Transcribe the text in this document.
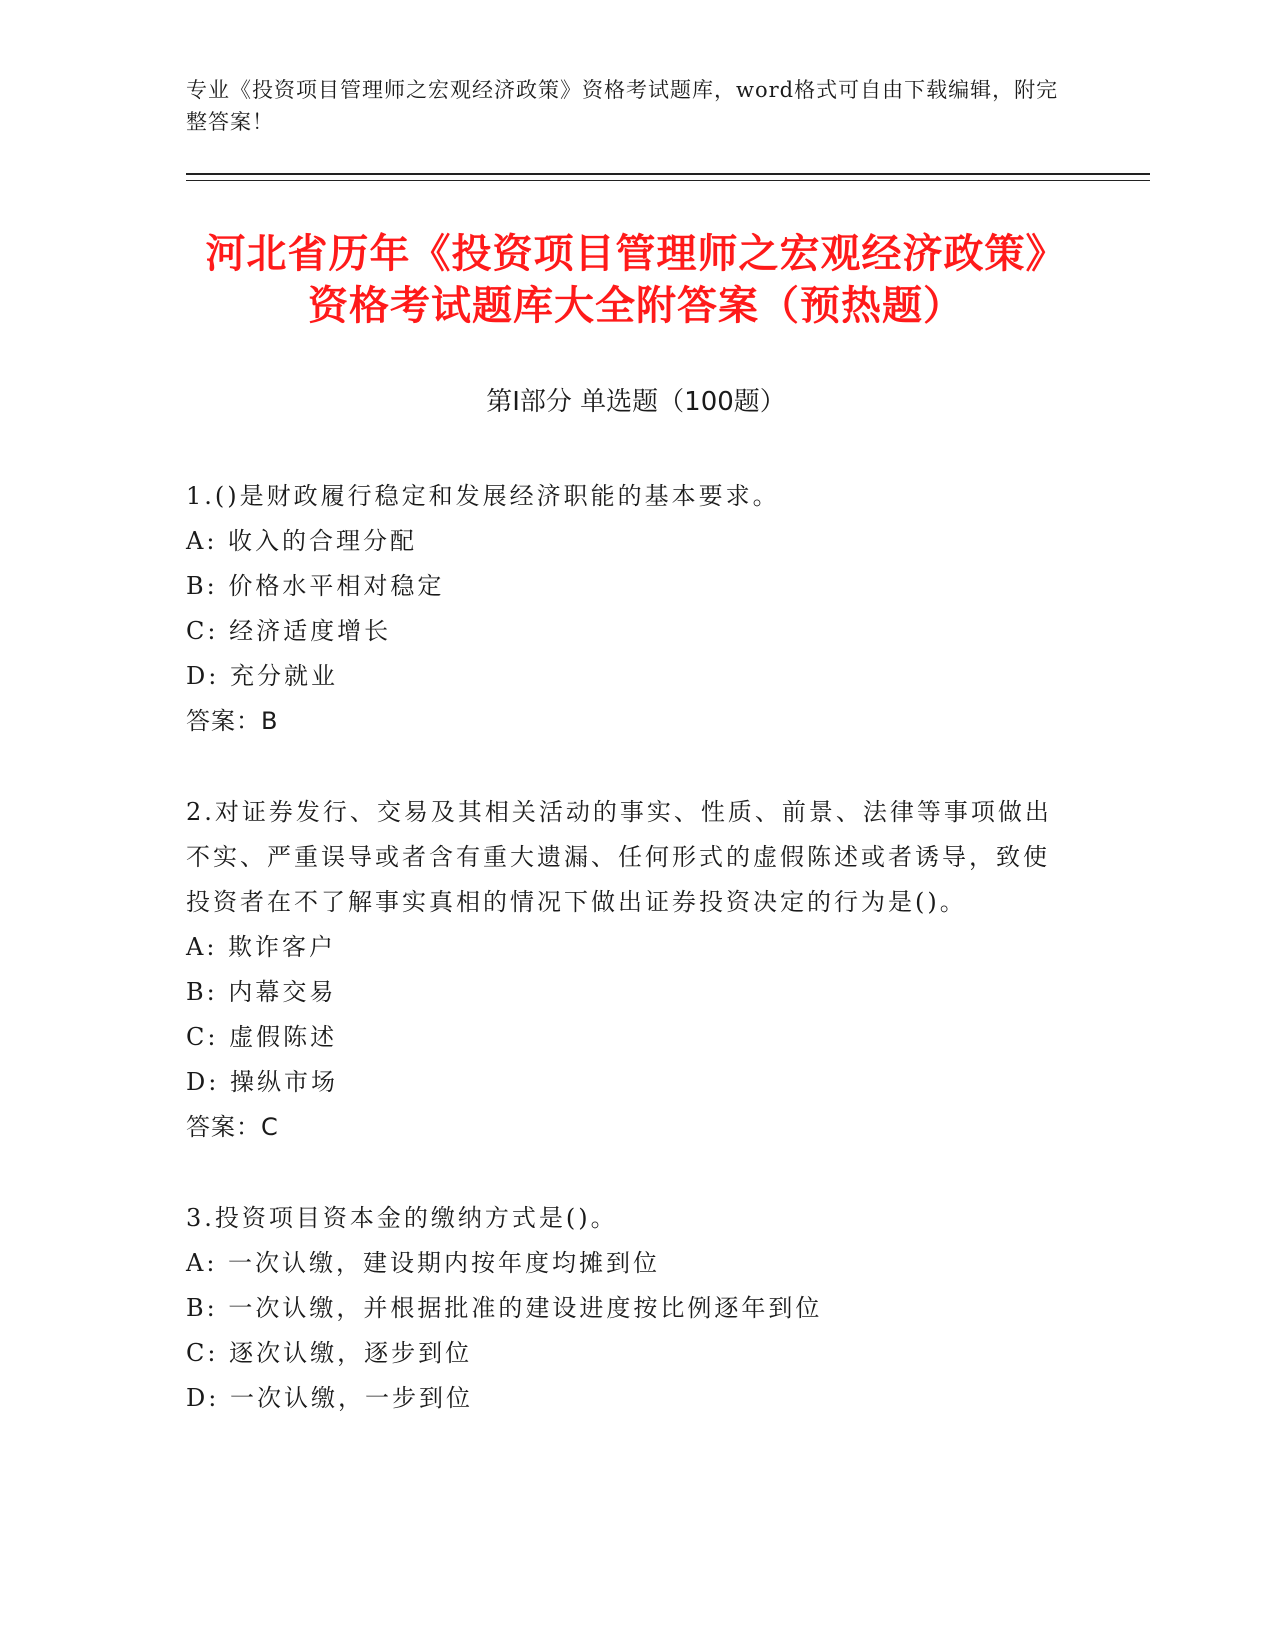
专业《投资项目管理师之宏观经济政策》资格考试题库，word格式可自由下载编辑，附完整答案！
河北省历年《投资项目管理师之宏观经济政策》资格考试题库大全附答案（预热题）
第Ⅰ部分 单选题（100题）
1.()是财政履行稳定和发展经济职能的基本要求。
A: 收入的合理分配
B: 价格水平相对稳定
C: 经济适度增长
D: 充分就业
答案：B
2.对证券发行、交易及其相关活动的事实、性质、前景、法律等事项做出不实、严重误导或者含有重大遗漏、任何形式的虚假陈述或者诱导，致使投资者在不了解事实真相的情况下做出证券投资决定的行为是()。
A: 欺诈客户
B: 内幕交易
C: 虚假陈述
D: 操纵市场
答案：C
3.投资项目资本金的缴纳方式是()。
A: 一次认缴，建设期内按年度均摊到位
B: 一次认缴，并根据批准的建设进度按比例逐年到位
C: 逐次认缴，逐步到位
D: 一次认缴，一步到位
